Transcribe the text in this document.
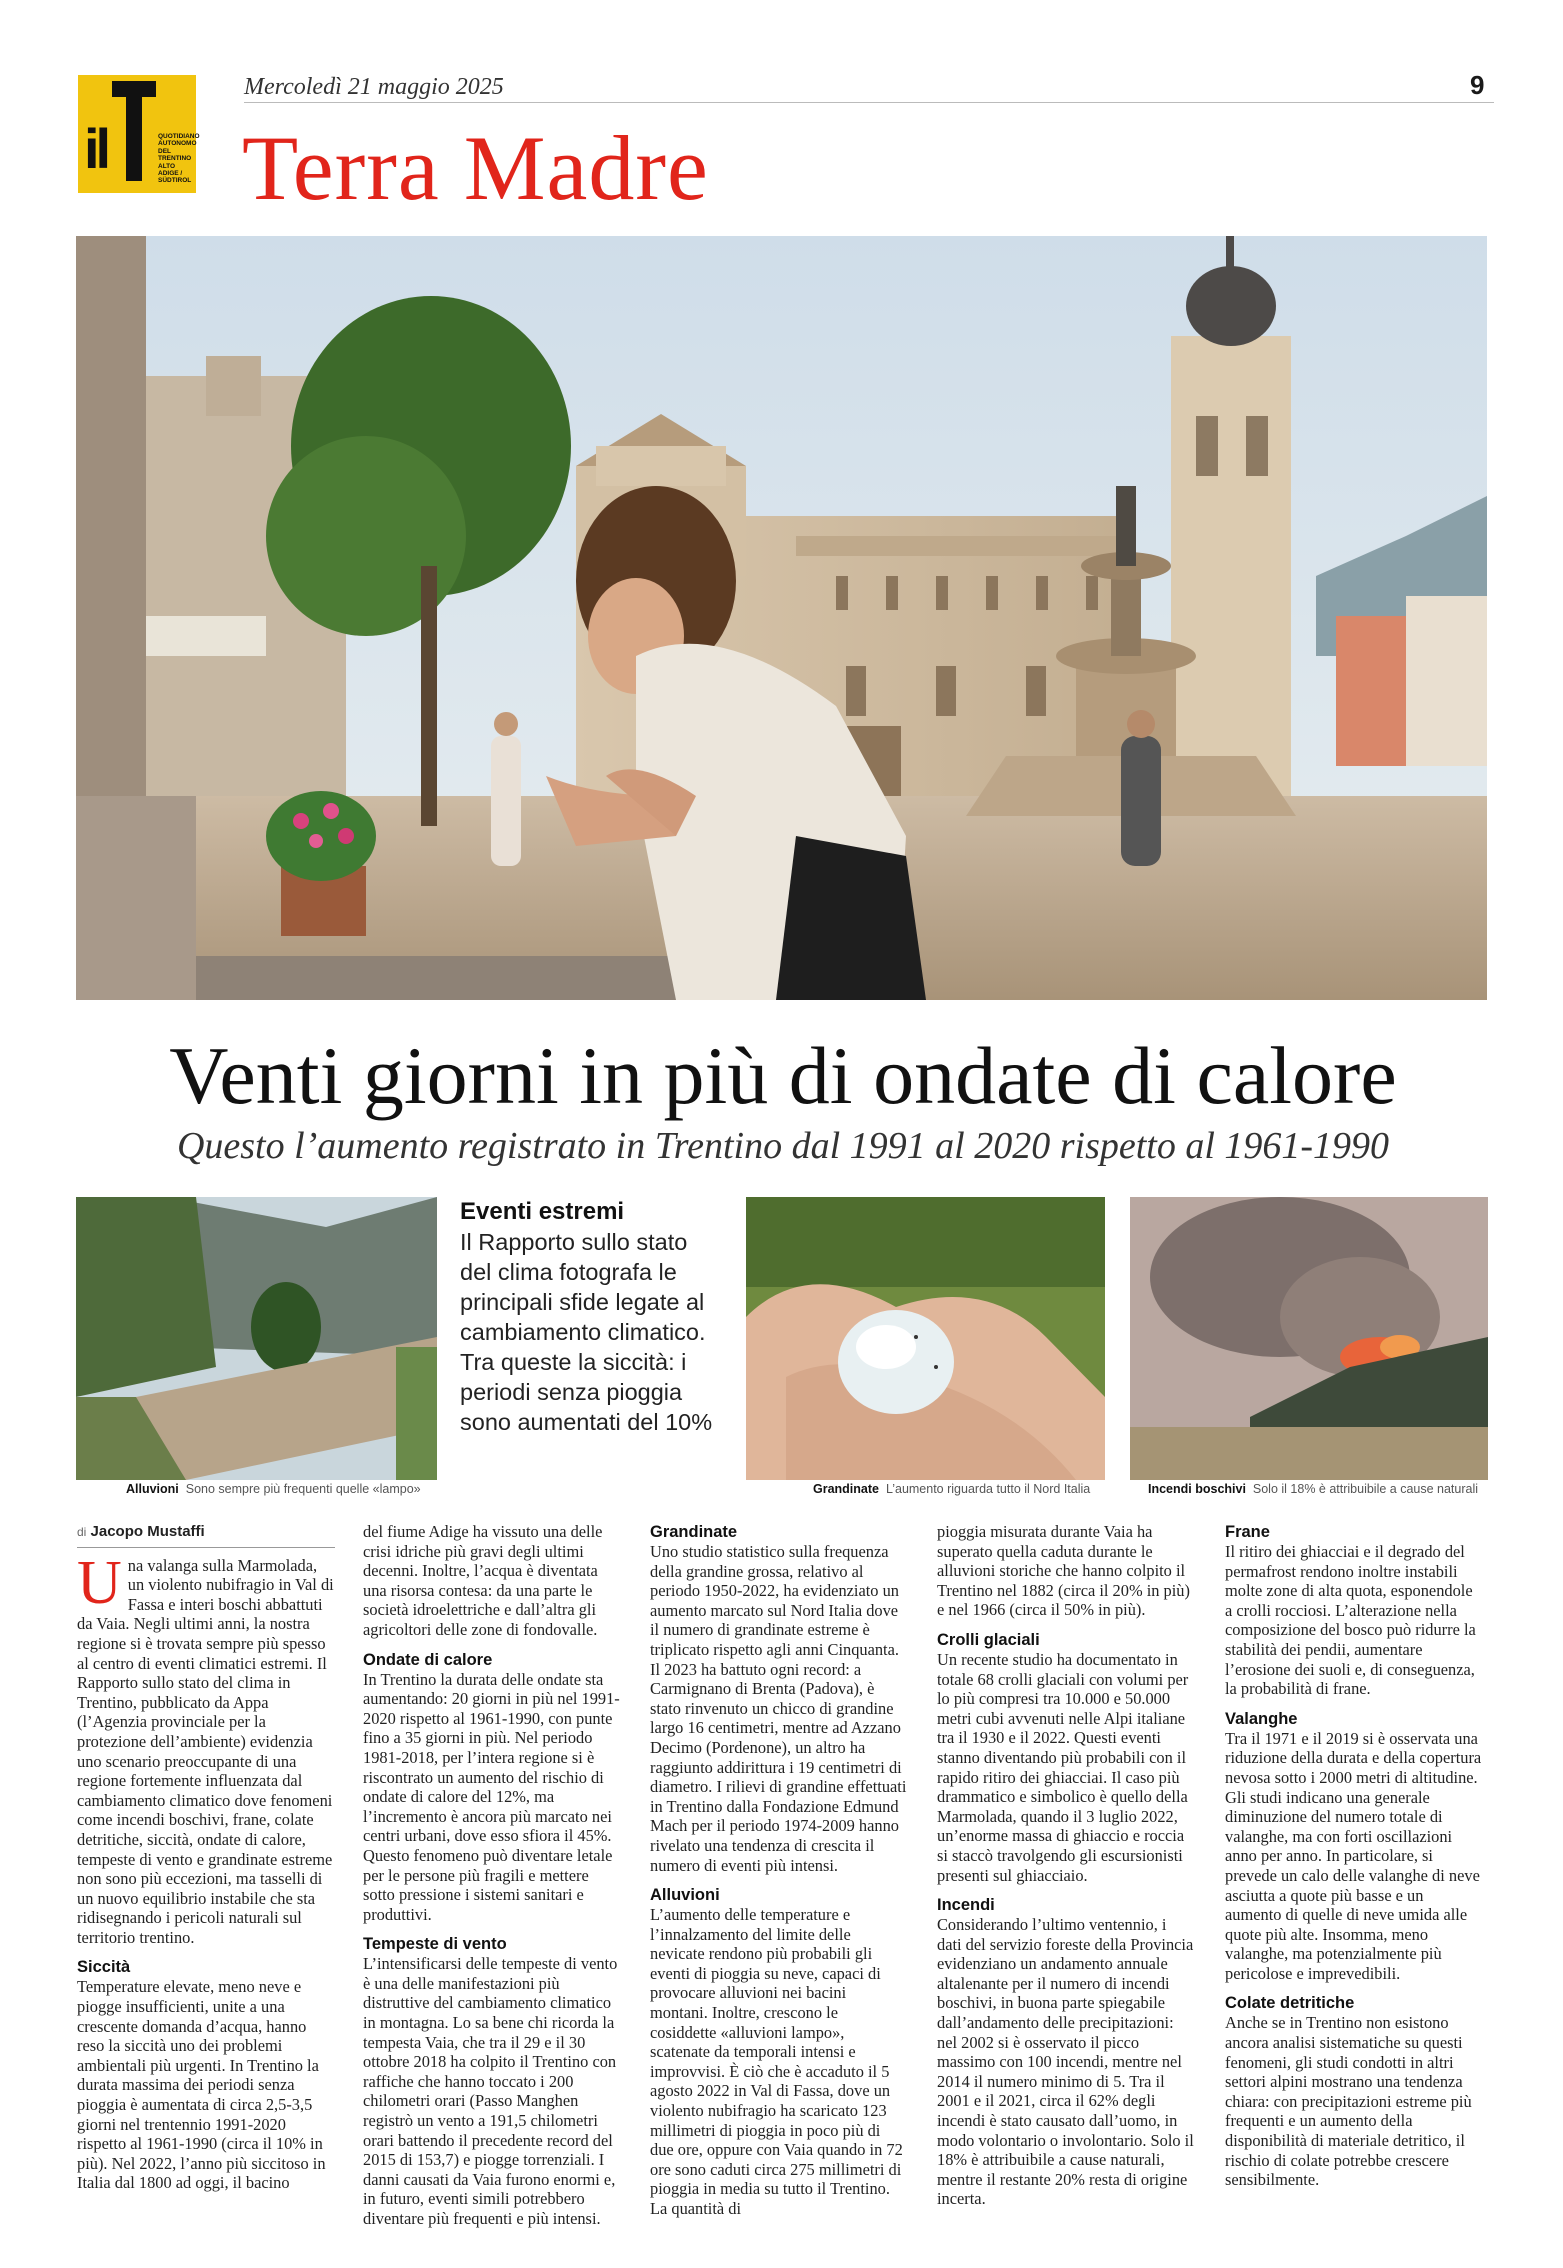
il	QUOTIDIANO AUTONOMO DEL TRENTINO ALTO ADIGE / SÜDTIROL
Mercoledì 21 maggio 2025	9
Terra Madre
Venti giorni in più di ondate di calore
Questo l’aumento registrato in Trentino dal 1991 al 2020 rispetto al 1961-1990
Alluvioni Sono sempre più frequenti quelle «lampo»
Eventi estremi
Il Rapporto sullo stato del clima fotografa le principali sfide legate al cambiamento climatico. Tra queste la siccità: i periodi senza pioggia sono aumentati del 10%
Grandinate L’aumento riguarda tutto il Nord Italia	Incendi boschivi Solo il 18% è attribuibile a cause naturali
di Jacopo Mustaffi

Una valanga sulla Marmolada, un violento nubifragio in Val di Fassa e interi boschi abbattuti da Vaia. Negli ultimi anni, la nostra regione si è trovata sempre più spesso al centro di eventi climatici estremi. Il Rapporto sullo stato del clima in Trentino, pubblicato da Appa (l’Agenzia provinciale per la protezione dell’ambiente) evidenzia uno scenario preoccupante di una regione fortemente influenzata dal cambiamento climatico dove fenomeni come incendi boschivi, frane, colate detritiche, siccità, ondate di calore, tempeste di vento e grandinate estreme non sono più eccezioni, ma tasselli di un nuovo equilibrio instabile che sta ridisegnando i pericoli naturali sul territorio trentino.

Siccità

Temperature elevate, meno neve e piogge insufficienti, unite a una crescente domanda d’acqua, hanno reso la siccità uno dei problemi ambientali più urgenti. In Trentino la durata massima dei periodi senza pioggia è aumentata di circa 2,5-3,5 giorni nel trentennio 1991-2020 rispetto al 1961-1990 (circa il 10% in più). Nel 2022, l’anno più siccitoso in Italia dal 1800 ad oggi, il bacino

del fiume Adige ha vissuto una delle crisi idriche più gravi degli ultimi decenni. Inoltre, l’acqua è diventata una risorsa contesa: da una parte le società idroelettriche e dall’altra gli agricoltori delle zone di fondovalle.

Ondate di calore

In Trentino la durata delle ondate sta aumentando: 20 giorni in più nel 1991-2020 rispetto al 1961-1990, con punte fino a 35 giorni in più. Nel periodo 1981-2018, per l’intera regione si è riscontrato un aumento del rischio di ondate di calore del 12%, ma l’incremento è ancora più marcato nei centri urbani, dove esso sfiora il 45%. Questo fenomeno può diventare letale per le persone più fragili e mettere sotto pressione i sistemi sanitari e produttivi.

Tempeste di vento

L’intensificarsi delle tempeste di vento è una delle manifestazioni più distruttive del cambiamento climatico in montagna. Lo sa bene chi ricorda la tempesta Vaia, che tra il 29 e il 30 ottobre 2018 ha colpito il Trentino con raffiche che hanno toccato i 200 chilometri orari (Passo Manghen registrò un vento a 191,5 chilometri orari battendo il precedente record del 2015 di 153,7) e piogge torrenziali. I danni causati da Vaia furono enormi e, in futuro, eventi simili potrebbero diventare più frequenti e più intensi.

Grandinate

Uno studio statistico sulla frequenza della grandine grossa, relativo al periodo 1950-2022, ha evidenziato un aumento marcato sul Nord Italia dove il numero di grandinate estreme è triplicato rispetto agli anni Cinquanta. Il 2023 ha battuto ogni record: a Carmignano di Brenta (Padova), è stato rinvenuto un chicco di grandine largo 16 centimetri, mentre ad Azzano Decimo (Pordenone), un altro ha raggiunto addirittura i 19 centimetri di diametro. I rilievi di grandine effettuati in Trentino dalla Fondazione Edmund Mach per il periodo 1974-2009 hanno rivelato una tendenza di crescita il numero di eventi più intensi.

Alluvioni

L’aumento delle temperature e l’innalzamento del limite delle nevicate rendono più probabili gli eventi di pioggia su neve, capaci di provocare alluvioni nei bacini montani. Inoltre, crescono le cosiddette «alluvioni lampo», scatenate da temporali intensi e improvvisi. È ciò che è accaduto il 5 agosto 2022 in Val di Fassa, dove un violento nubifragio ha scaricato 123 millimetri di pioggia in poco più di due ore, oppure con Vaia quando in 72 ore sono caduti circa 275 millimetri di pioggia in media su tutto il Trentino. La quantità di

pioggia misurata durante Vaia ha superato quella caduta durante le alluvioni storiche che hanno colpito il Trentino nel 1882 (circa il 20% in più) e nel 1966 (circa il 50% in più).

Crolli glaciali

Un recente studio ha documentato in totale 68 crolli glaciali con volumi per lo più compresi tra 10.000 e 50.000 metri cubi avvenuti nelle Alpi italiane tra il 1930 e il 2022. Questi eventi stanno diventando più probabili con il rapido ritiro dei ghiacciai. Il caso più drammatico e simbolico è quello della Marmolada, quando il 3 luglio 2022, un’enorme massa di ghiaccio e roccia si staccò travolgendo gli escursionisti presenti sul ghiacciaio.

Incendi

Considerando l’ultimo ventennio, i dati del servizio foreste della Provincia evidenziano un andamento annuale altalenante per il numero di incendi boschivi, in buona parte spiegabile dall’andamento delle precipitazioni: nel 2002 si è osservato il picco massimo con 100 incendi, mentre nel 2014 il numero minimo di 5. Tra il 2001 e il 2021, circa il 62% degli incendi è stato causato dall’uomo, in modo volontario o involontario. Solo il 18% è attribuibile a cause naturali, mentre il restante 20% resta di origine incerta.

Frane

Il ritiro dei ghiacciai e il degrado del permafrost rendono inoltre instabili molte zone di alta quota, esponendole a crolli rocciosi. L’alterazione nella composizione del bosco può ridurre la stabilità dei pendii, aumentare l’erosione dei suoli e, di conseguenza, la probabilità di frane.

Valanghe

Tra il 1971 e il 2019 si è osservata una riduzione della durata e della copertura nevosa sotto i 2000 metri di altitudine. Gli studi indicano una generale diminuzione del numero totale di valanghe, ma con forti oscillazioni anno per anno. In particolare, si prevede un calo delle valanghe di neve asciutta a quote più basse e un aumento di quelle di neve umida alle quote più alte. Insomma, meno valanghe, ma potenzialmente più pericolose e imprevedibili.

Colate detritiche

Anche se in Trentino non esistono ancora analisi sistematiche su questi fenomeni, gli studi condotti in altri settori alpini mostrano una tendenza chiara: con precipitazioni estreme più frequenti e un aumento della disponibilità di materiale detritico, il rischio di colate potrebbe crescere sensibilmente.
